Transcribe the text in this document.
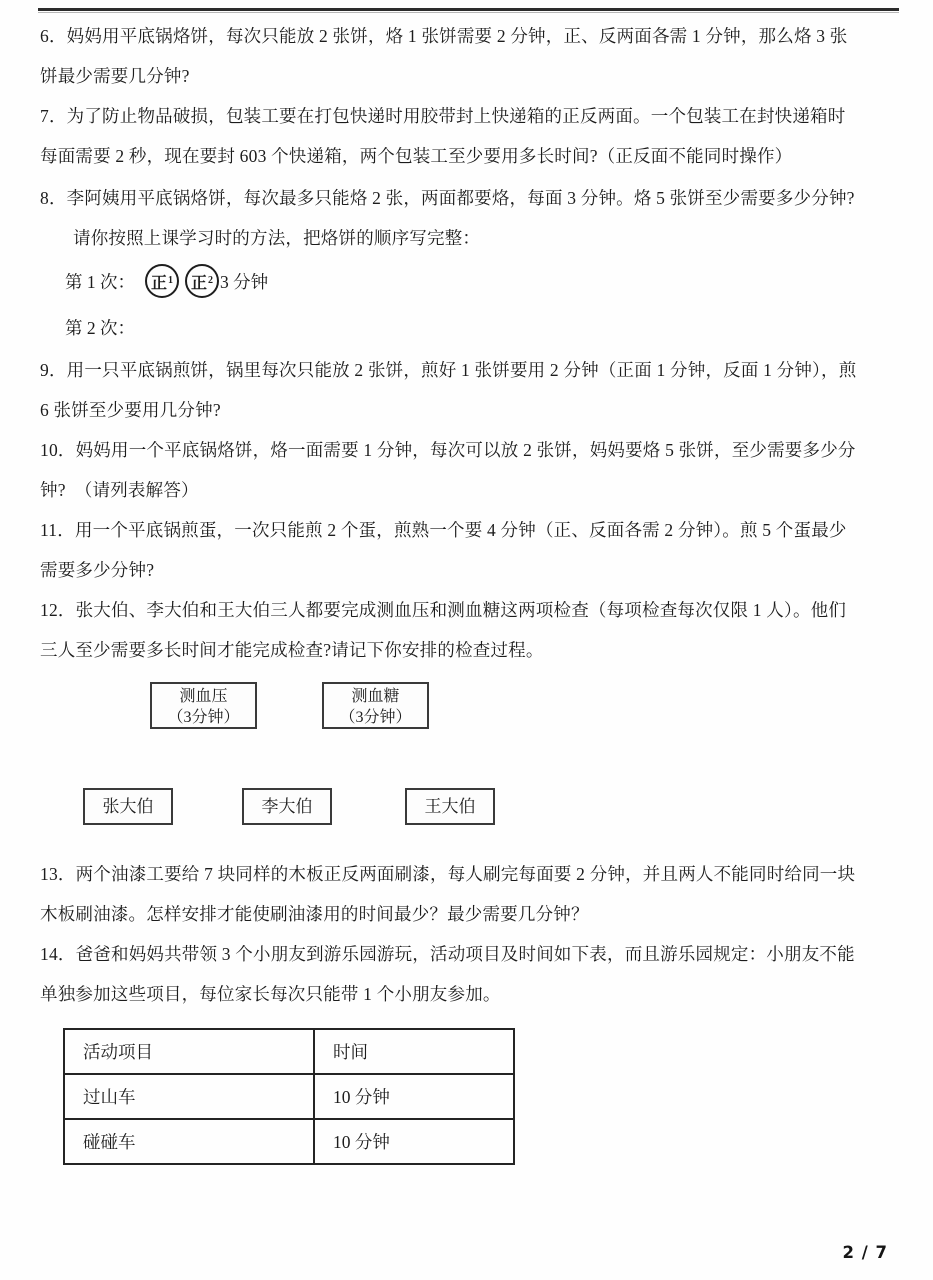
6．妈妈用平底锅烙饼，每次只能放 2 张饼，烙 1 张饼需要 2 分钟，正、反两面各需 1 分钟，那么烙 3 张
饼最少需要几分钟?
7．为了防止物品破损，包装工要在打包快递时用胶带封上快递箱的正反两面。一个包装工在封快递箱时
每面需要 2 秒，现在要封 603 个快递箱，两个包装工至少要用多长时间?（正反面不能同时操作）
8．李阿姨用平底锅烙饼，每次最多只能烙 2 张，两面都要烙，每面 3 分钟。烙 5 张饼至少需要多少分钟?
请你按照上课学习时的方法，把烙饼的顺序写完整：
第 1 次： 正 1 正 2 3 分钟
第 2 次：
9．用一只平底锅煎饼，锅里每次只能放 2 张饼，煎好 1 张饼要用 2 分钟（正面 1 分钟，反面 1 分钟），煎
6 张饼至少要用几分钟?
10．妈妈用一个平底锅烙饼，烙一面需要 1 分钟，每次可以放 2 张饼，妈妈要烙 5 张饼，至少需要多少分
钟?  （请列表解答）
11．用一个平底锅煎蛋，一次只能煎 2 个蛋，煎熟一个要 4 分钟（正、反面各需 2 分钟）。煎 5 个蛋最少
需要多少分钟?
12．张大伯、李大伯和王大伯三人都要完成测血压和测血糖这两项检查（每项检查每次仅限 1 人）。他们
三人至少需要多长时间才能完成检查?请记下你安排的检查过程。
测血压
（3分钟）
测血糖
（3分钟）
张大伯	李大伯	王大伯
13．两个油漆工要给 7 块同样的木板正反两面刷漆，每人刷完每面要 2 分钟，并且两人不能同时给同一块
木板刷油漆。怎样安排才能使刷油漆用的时间最少？最少需要几分钟？
14．爸爸和妈妈共带领 3 个小朋友到游乐园游玩，活动项目及时间如下表，而且游乐园规定：小朋友不能
单独参加这些项目，每位家长每次只能带 1 个小朋友参加。
活动项目	时间
过山车	10 分钟
碰碰车	10 分钟
2 / 7
